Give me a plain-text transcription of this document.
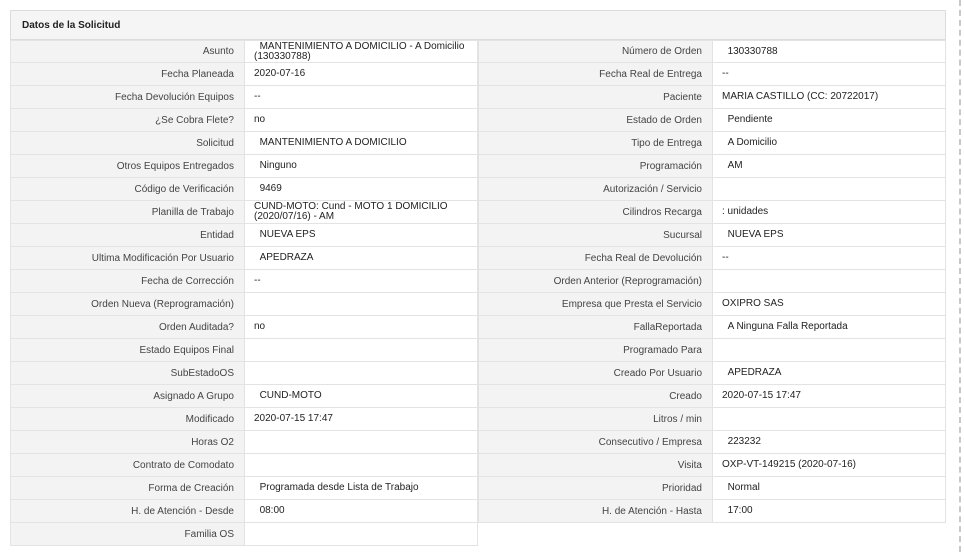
Datos de la Solicitud
Asunto	MANTENIMIENTO A DOMICILIO - A Domicilio
(130330788)
Fecha Planeada	2020-07-16
Fecha Devolución Equipos	--
¿Se Cobra Flete?	no
Solicitud	MANTENIMIENTO A DOMICILIO
Otros Equipos Entregados	Ninguno
Código de Verificación	9469
Planilla de Trabajo	CUND-MOTO: Cund - MOTO 1 DOMICILIO
(2020/07/16) - AM
Entidad	NUEVA EPS
Ultima Modificación Por Usuario	APEDRAZA
Fecha de Corrección	--
Orden Nueva (Reprogramación)
Orden Auditada?	no
Estado Equipos Final
SubEstadoOS
Asignado A Grupo	CUND-MOTO
Modificado	2020-07-15 17:47
Horas O2
Contrato de Comodato
Forma de Creación	Programada desde Lista de Trabajo
H. de Atención - Desde	08:00
Familia OS
Número de Orden	130330788
Fecha Real de Entrega	--
Paciente	MARIA CASTILLO (CC: 20722017)
Estado de Orden	Pendiente
Tipo de Entrega	A Domicilio
Programación	AM
Autorización / Servicio
Cilindros Recarga	: unidades
Sucursal	NUEVA EPS
Fecha Real de Devolución	--
Orden Anterior (Reprogramación)
Empresa que Presta el Servicio	OXIPRO SAS
FallaReportada	A Ninguna Falla Reportada
Programado Para
Creado Por Usuario	APEDRAZA
Creado	2020-07-15 17:47
Litros / min
Consecutivo / Empresa	223232
Visita	OXP-VT-149215 (2020-07-16)
Prioridad	Normal
H. de Atención - Hasta	17:00
